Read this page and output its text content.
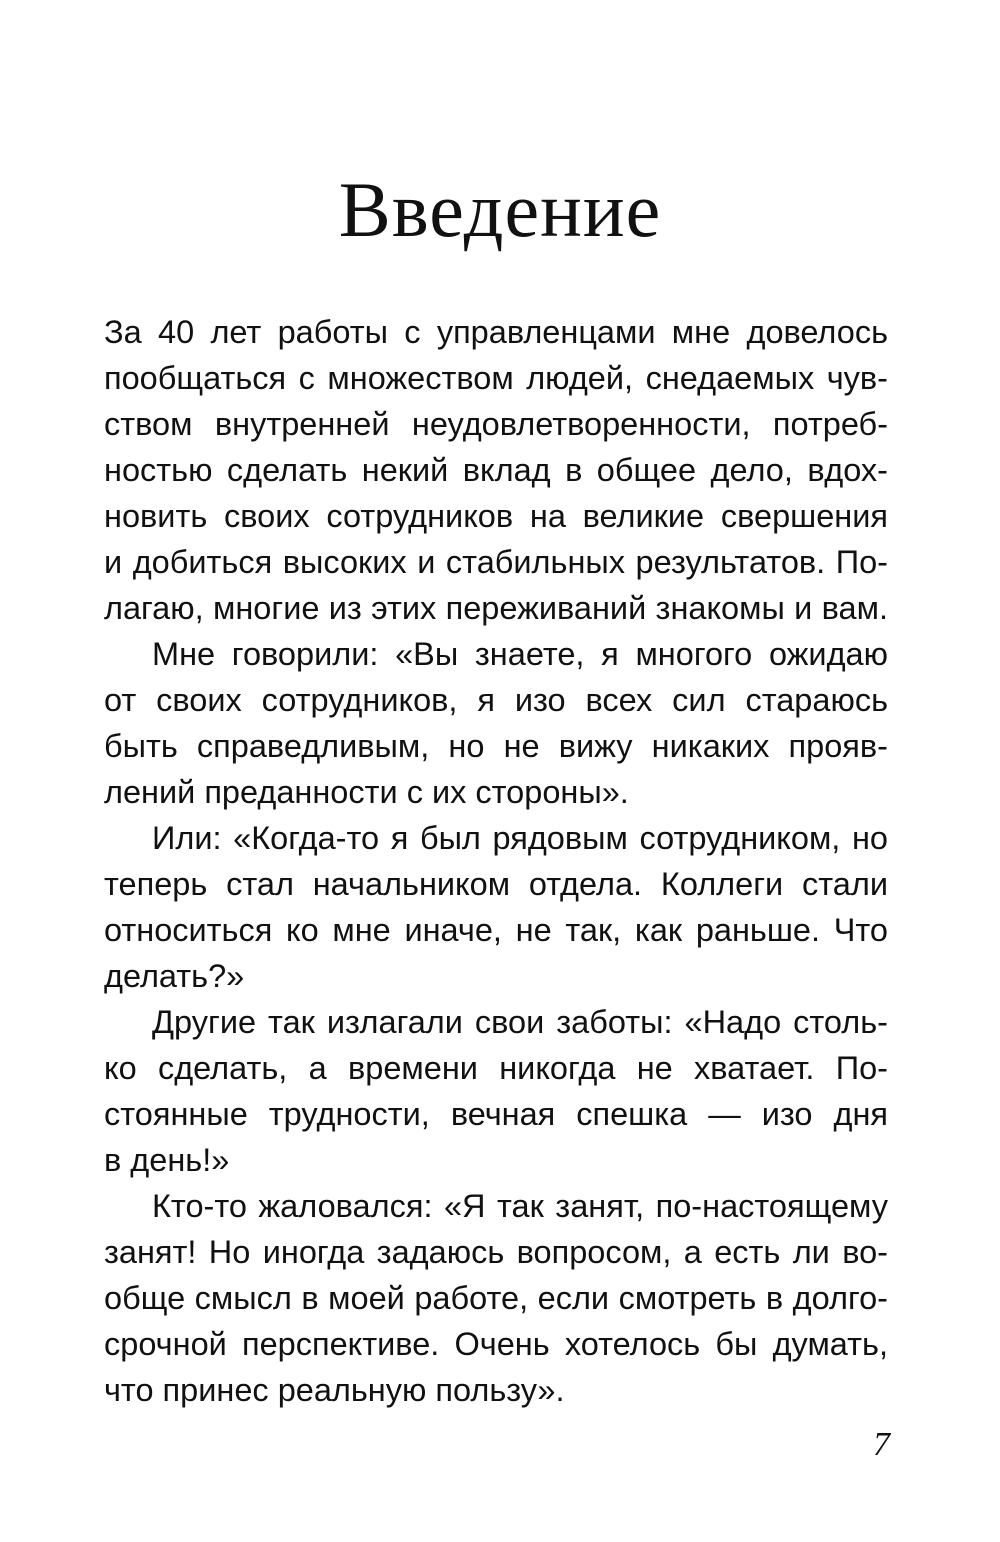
Введение
За 40 лет работы с управленцами мне довелось
пообщаться с множеством людей, снедаемых чув-
ством внутренней неудовлетворенности, потреб-
ностью сделать некий вклад в общее дело, вдох-
новить своих сотрудников на великие свершения
и добиться высоких и стабильных результатов. По-
лагаю, многие из этих переживаний знакомы и вам.
Мне говорили: «Вы знаете, я многого ожидаю
от своих сотрудников, я изо всех сил стараюсь
быть справедливым, но не вижу никаких прояв-
лений преданности с их стороны».
Или: «Когда-то я был рядовым сотрудником, но
теперь стал начальником отдела. Коллеги стали
относиться ко мне иначе, не так, как раньше. Что
делать?»
Другие так излагали свои заботы: «Надо столь-
ко сделать, а времени никогда не хватает. По-
стоянные трудности, вечная спешка — изо дня
в день!»
Кто-то жаловался: «Я так занят, по-настоящему
занят! Но иногда задаюсь вопросом, а есть ли во-
обще смысл в моей работе, если смотреть в долго-
срочной перспективе. Очень хотелось бы думать,
что принес реальную пользу».
7
